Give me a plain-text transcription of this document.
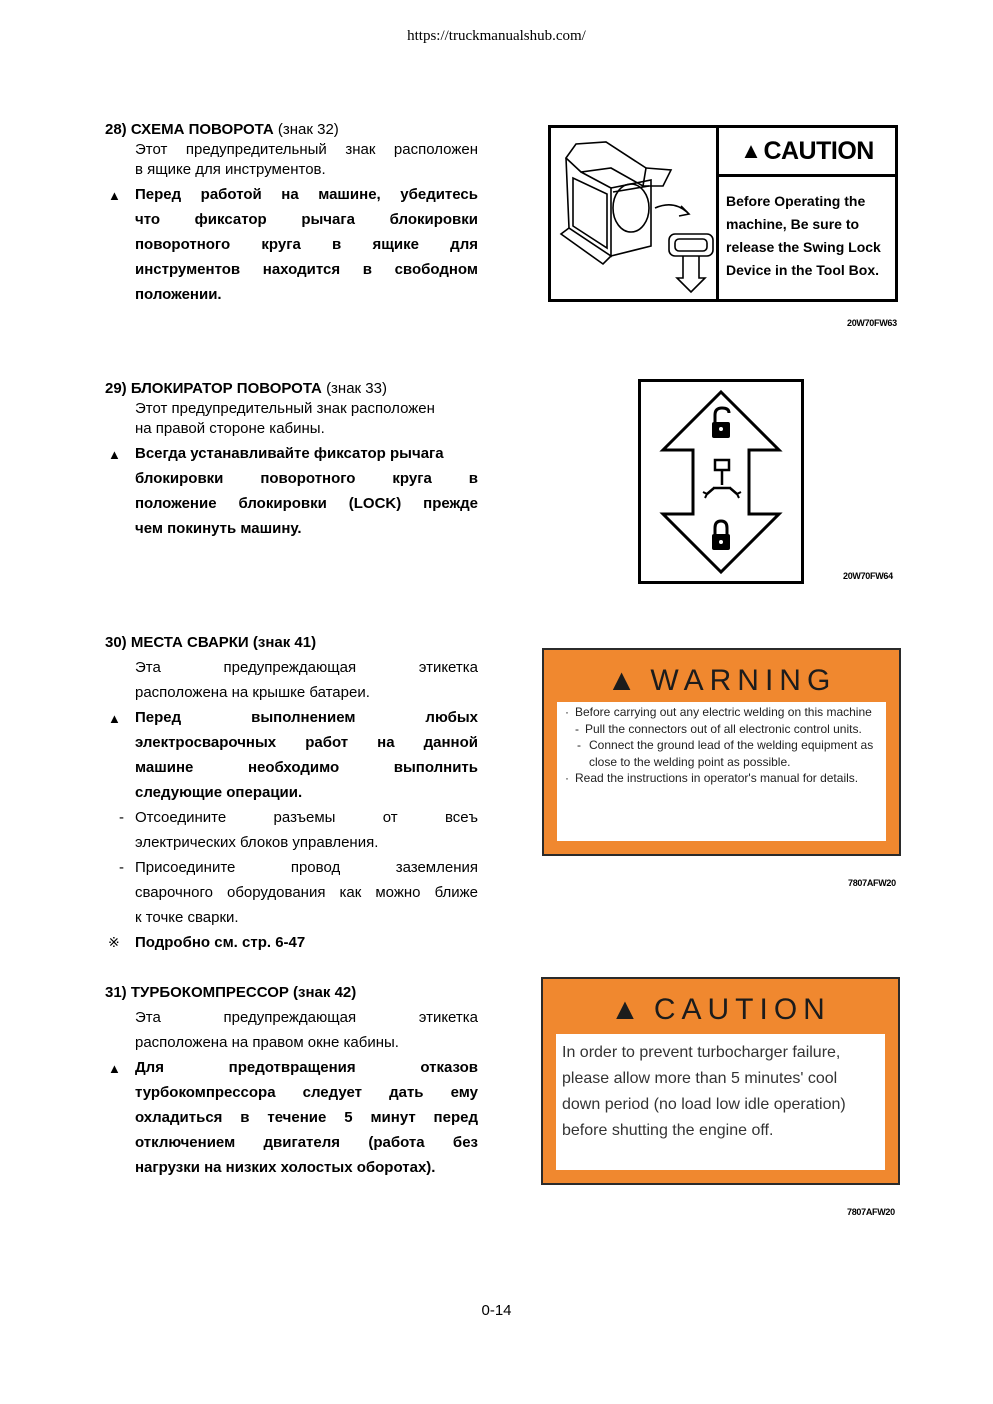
https://truckmanualshub.com/
28) СХЕМА ПОВОРОТА (знак 32)
Этот предупредительный знак расположен
в ящике для инструментов.
▲ Перед работой на машине, убедитесь
что фиксатор рычага блокировки
поворотного круга в ящике для
инструментов находится в свободном
положении.
29) БЛОКИРАТОР ПОВОРОТА (знак 33)
Этот предупредительный знак расположен
на правой стороне кабины.
▲ Всегда устанавливайте фиксатор рычага
блокировки поворотного круга в
положение блокировки (LOCK) прежде
чем покинуть машину.
30) МЕСТА СВАРКИ (знак 41)
Эта предупреждающая этикетка
расположена на крышке батареи.
▲ Перед выполнением любых
электросварочных работ на данной
машине необходимо выполнить
следующие операции.
- Отсоедините разъемы от всеъ
электрических блоков управления.
- Присоедините провод заземления
сварочного оборудования как можно ближе
к точке сварки.
※ Подробно см. стр. 6-47
31) ТУРБОКОМПРЕССОР (знак 42)
Эта предупреждающая этикетка
расположена на правом окне кабины.
▲ Для предотвращения отказов
турбокомпрессора следует дать ему
охладиться в течение 5 минут перед
отключением двигателя (работа без
нагрузки на низких холостых оборотах).
▲ CAUTION
Before Operating the
machine, Be sure to
release the Swing Lock
Device in the Tool Box.
20W70FW63
20W70FW64
▲ WARNING
· Before carrying out any electric welding on this machine
- Pull the connectors out of all electronic control units.
- Connect the ground lead of the welding equipment as close to the welding point as possible.
· Read the instructions in operator's manual for details.
7807AFW20
▲ CAUTION
In order to prevent turbocharger failure,
please allow more than 5 minutes' cool
down period (no load low idle operation)
before shutting the engine off.
7807AFW20
0-14
